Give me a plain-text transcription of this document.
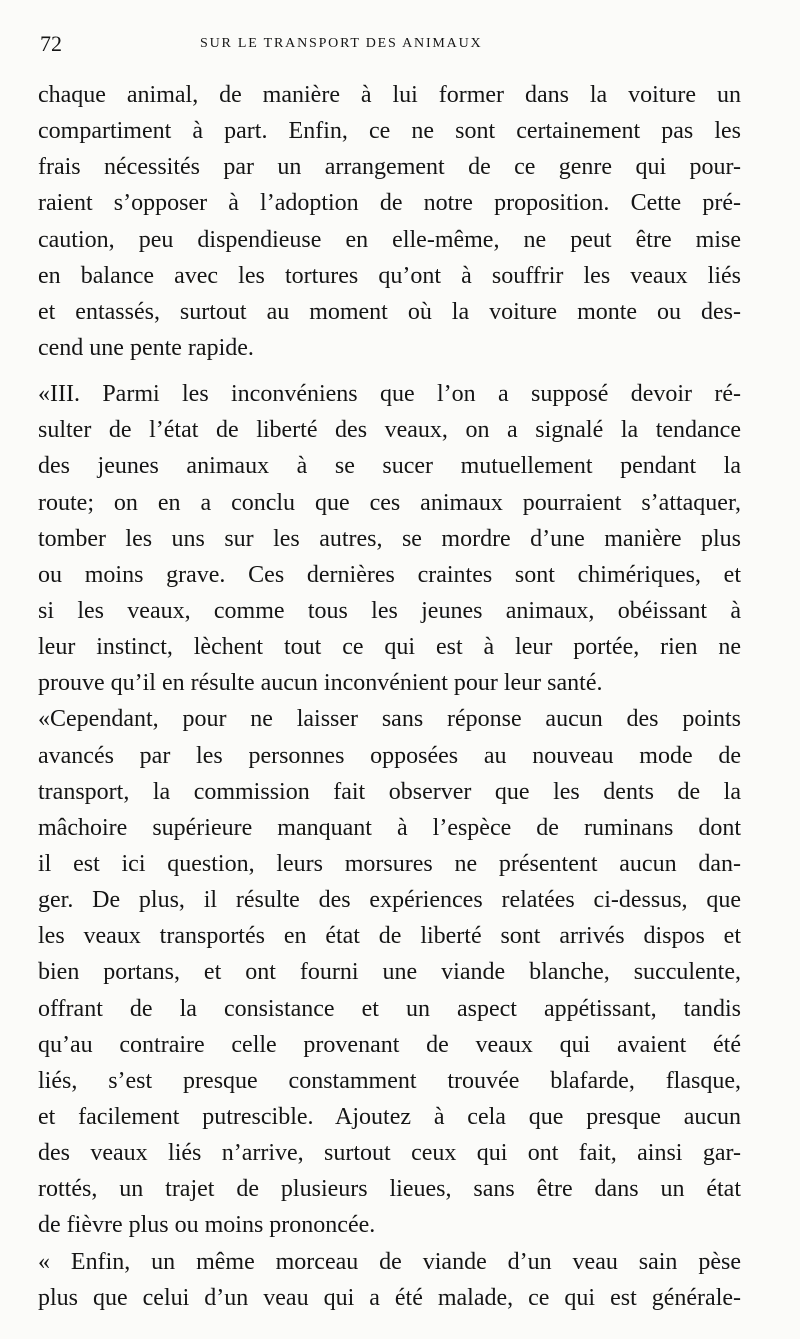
72	SUR LE TRANSPORT DES ANIMAUX
chaque animal, de manière à lui former dans la voiture un
compartiment à part. Enfin, ce ne sont certainement pas les
frais nécessités par un arrangement de ce genre qui pour-
raient s’opposer à l’adoption de notre proposition. Cette pré-
caution, peu dispendieuse en elle-même, ne peut être mise
en balance avec les tortures qu’ont à souffrir les veaux liés
et entassés, surtout au moment où la voiture monte ou des-
cend une pente rapide.
«III. Parmi les inconvéniens que l’on a supposé devoir ré-
sulter de l’état de liberté des veaux, on a signalé la tendance
des jeunes animaux à se sucer mutuellement pendant la
route; on en a conclu que ces animaux pourraient s’attaquer,
tomber les uns sur les autres, se mordre d’une manière plus
ou moins grave. Ces dernières craintes sont chimériques, et
si les veaux, comme tous les jeunes animaux, obéissant à
leur instinct, lèchent tout ce qui est à leur portée, rien ne
prouve qu’il en résulte aucun inconvénient pour leur santé.
«Cependant, pour ne laisser sans réponse aucun des points
avancés par les personnes opposées au nouveau mode de
transport, la commission fait observer que les dents de la
mâchoire supérieure manquant à l’espèce de ruminans dont
il est ici question, leurs morsures ne présentent aucun dan-
ger. De plus, il résulte des expériences relatées ci-dessus, que
les veaux transportés en état de liberté sont arrivés dispos et
bien portans, et ont fourni une viande blanche, succulente,
offrant de la consistance et un aspect appétissant, tandis
qu’au contraire celle provenant de veaux qui avaient été
liés, s’est presque constamment trouvée blafarde, flasque,
et facilement putrescible. Ajoutez à cela que presque aucun
des veaux liés n’arrive, surtout ceux qui ont fait, ainsi gar-
rottés, un trajet de plusieurs lieues, sans être dans un état
de fièvre plus ou moins prononcée.
« Enfin, un même morceau de viande d’un veau sain pèse
plus que celui d’un veau qui a été malade, ce qui est générale-
